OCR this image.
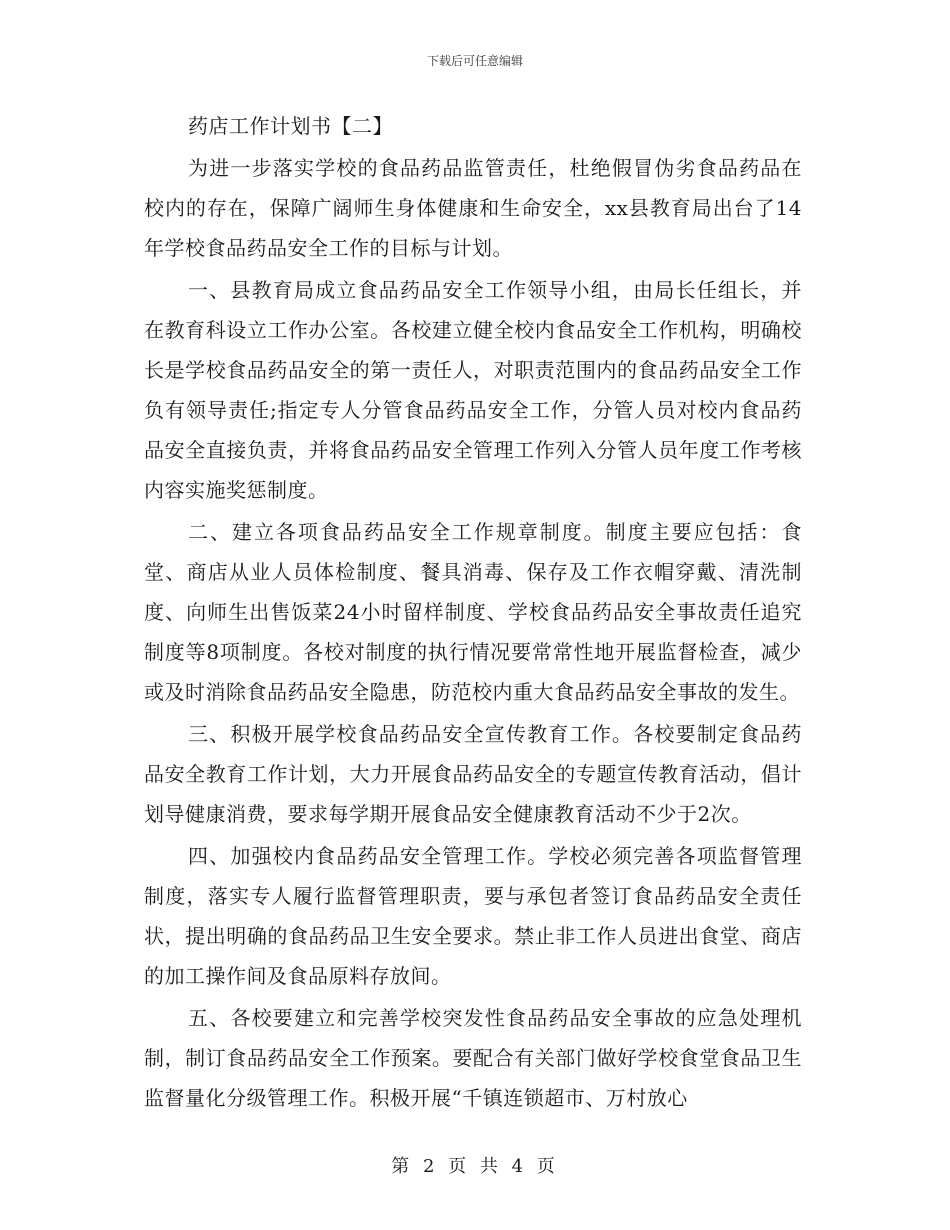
下载后可任意编辑
药店工作计划书【二】

为进一步落实学校的食品药品监管责任，杜绝假冒伪劣食品药品在校内的存在，保障广阔师生身体健康和生命安全，xx县教育局出台了14年学校食品药品安全工作的目标与计划。

一、县教育局成立食品药品安全工作领导小组，由局长任组长，并在教育科设立工作办公室。各校建立健全校内食品安全工作机构，明确校长是学校食品药品安全的第一责任人，对职责范围内的食品药品安全工作负有领导责任;指定专人分管食品药品安全工作，分管人员对校内食品药品安全直接负责，并将食品药品安全管理工作列入分管人员年度工作考核内容实施奖惩制度。

二、建立各项食品药品安全工作规章制度。制度主要应包括：食堂、商店从业人员体检制度、餐具消毒、保存及工作衣帽穿戴、清洗制度、向师生出售饭菜24小时留样制度、学校食品药品安全事故责任追究制度等8项制度。各校对制度的执行情况要常常性地开展监督检查，减少或及时消除食品药品安全隐患，防范校内重大食品药品安全事故的发生。

三、积极开展学校食品药品安全宣传教育工作。各校要制定食品药品安全教育工作计划，大力开展食品药品安全的专题宣传教育活动，倡计划导健康消费，要求每学期开展食品安全健康教育活动不少于2次。

四、加强校内食品药品安全管理工作。学校必须完善各项监督管理制度，落实专人履行监督管理职责，要与承包者签订食品药品安全责任状，提出明确的食品药品卫生安全要求。禁止非工作人员进出食堂、商店的加工操作间及食品原料存放间。

五、各校要建立和完善学校突发性食品药品安全事故的应急处理机制，制订食品药品安全工作预案。要配合有关部门做好学校食堂食品卫生监督量化分级管理工作。积极开展“千镇连锁超市、万村放心

第 2 页 共 4 页
